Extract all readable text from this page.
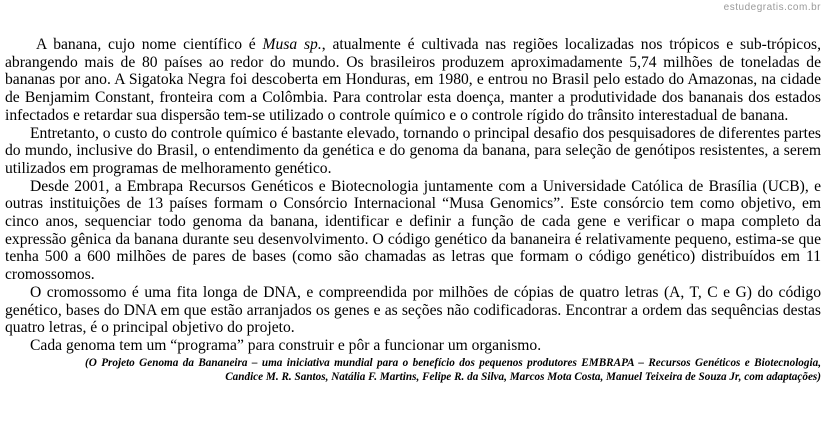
estudegratis.com.br

A banana, cujo nome científico é Musa sp., atualmente é cultivada nas regiões localizadas nos trópicos e sub-trópicos, abrangendo mais de 80 países ao redor do mundo. Os brasileiros produzem aproximadamente 5,74 milhões de toneladas de bananas por ano. A Sigatoka Negra foi descoberta em Honduras, em 1980, e entrou no Brasil pelo estado do Amazonas, na cidade de Benjamim Constant, fronteira com a Colômbia. Para controlar esta doença, manter a produtividade dos bananais dos estados infectados e retardar sua dispersão tem-se utilizado o controle químico e o controle rígido do trânsito interestadual de banana.

Entretanto, o custo do controle químico é bastante elevado, tornando o principal desafio dos pesquisadores de diferentes partes do mundo, inclusive do Brasil, o entendimento da genética e do genoma da banana, para seleção de genótipos resistentes, a serem utilizados em programas de melhoramento genético.

Desde 2001, a Embrapa Recursos Genéticos e Biotecnologia juntamente com a Universidade Católica de Brasília (UCB), e outras instituições de 13 países formam o Consórcio Internacional “Musa Genomics”. Este consórcio tem como objetivo, em cinco anos, sequenciar todo genoma da banana, identificar e definir a função de cada gene e verificar o mapa completo da expressão gênica da banana durante seu desenvolvimento. O código genético da bananeira é relativamente pequeno, estima-se que tenha 500 a 600 milhões de pares de bases (como são chamadas as letras que formam o código genético) distribuídos em 11 cromossomos.

O cromossomo é uma fita longa de DNA, e compreendida por milhões de cópias de quatro letras (A, T, C e G) do código genético, bases do DNA em que estão arranjados os genes e as seções não codificadoras. Encontrar a ordem das sequências destas quatro letras, é o principal objetivo do projeto.

Cada genoma tem um “programa” para construir e pôr a funcionar um organismo.

(O Projeto Genoma da Bananeira – uma iniciativa mundial para o benefício dos pequenos produtores EMBRAPA – Recursos Genéticos e Biotecnologia, Candice M. R. Santos, Natália F. Martins, Felipe R. da Silva, Marcos Mota Costa, Manuel Teixeira de Souza Jr, com adaptações)
